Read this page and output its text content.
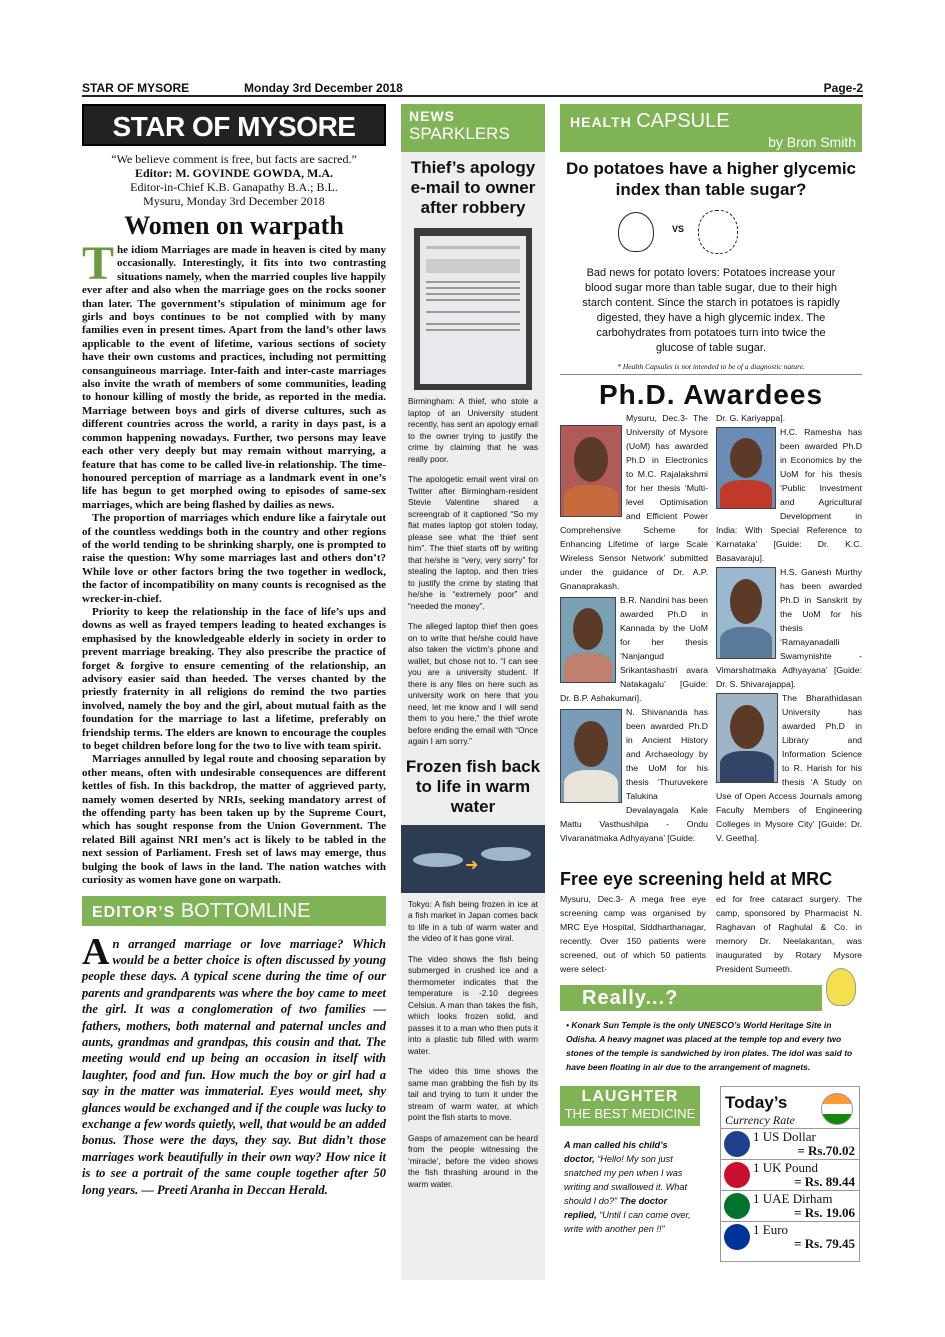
STAR OF MYSORE	Monday 3rd December 2018	Page-2
STAR OF MYSORE
“We believe comment is free, but facts are sacred.”
Editor: M. GOVINDE GOWDA, M.A.
Editor-in-Chief K.B. Ganapathy B.A.; B.L.
Mysuru, Monday 3rd December 2018
Women on warpath
T he idiom Marriages are made in heaven is cited by many occasionally. Interestingly, it fits into two contrasting situations namely, when the married couples live happily ever after and also when the marriage goes on the rocks sooner than later. The government’s stipulation of minimum age for girls and boys continues to be not complied with by many families even in present times. Apart from the land’s other laws applicable to the event of lifetime, various sections of society have their own customs and practices, including not permitting consanguineous marriage. Inter-faith and inter-caste marriages also invite the wrath of members of some communities, leading to honour killing of mostly the bride, as reported in the media. Marriage between boys and girls of diverse cultures, such as different countries across the world, a rarity in days past, is a common happening nowadays. Further, two persons may leave each other very deeply but may remain without marrying, a feature that has come to be called live-in relationship. The time-honoured perception of marriage as a landmark event in one’s life has begun to get morphed owing to episodes of same-sex marriages, which are being flashed by dailies as news.

The proportion of marriages which endure like a fairytale out of the countless weddings both in the country and other regions of the world tending to be shrinking sharply, one is prompted to raise the question: Why some marriages last and others don’t? While love or other factors bring the two together in wedlock, the factor of incompatibility on many counts is recognised as the wrecker-in-chief.

Priority to keep the relationship in the face of life’s ups and downs as well as frayed tempers leading to heated exchanges is emphasised by the knowledgeable elderly in society in order to prevent marriage breaking. They also prescribe the practice of forget & forgive to ensure cementing of the relationship, an advisory easier said than heeded. The verses chanted by the priestly fraternity in all religions do remind the two parties involved, namely the boy and the girl, about mutual faith as the foundation for the marriage to last a lifetime, preferably on friendship terms. The elders are known to encourage the couples to beget children before long for the two to live with team spirit.

Marriages annulled by legal route and choosing separation by other means, often with undesirable consequences are different kettles of fish. In this backdrop, the matter of aggrieved party, namely women deserted by NRIs, seeking mandatory arrest of the offending party has been taken up by the Supreme Court, which has sought response from the Union Government. The related Bill against NRI men’s act is likely to be tabled in the next session of Parliament. Fresh set of laws may emerge, thus bulging the book of laws in the land. The nation watches with curiosity as women have gone on warpath.

EDITOR’S BOTTOMLINE
A n arranged marriage or love marriage? Which would be a better choice is often discussed by young people these days. A typical scene during the time of our parents and grandparents was where the boy came to meet the girl. It was a conglomeration of two families — fathers, mothers, both maternal and paternal uncles and aunts, grandmas and grandpas, this cousin and that. The meeting would end up being an occasion in itself with laughter, food and fun. How much the boy or girl had a say in the matter was immaterial. Eyes would meet, shy glances would be exchanged and if the couple was lucky to exchange a few words quietly, well, that would be an added bonus. Those were the days, they say. But didn’t those marriages work beautifully in their own way? How nice it is to see a portrait of the same couple together after 50 long years. — Preeti Aranha in Deccan Herald.
NEWS
SPARKLERS
Thief’s apology e-mail to owner after robbery

Birmingham: A thief, who stole a laptop of an University student recently, has sent an apology email to the owner trying to justify the crime by claiming that he was really poor.

The apologetic email went viral on Twitter after Birmingham-resident Stevie Valentine shared a screengrab of it captioned “So my flat mates laptop got stolen today, please see what the thief sent him”. The thief starts off by writing that he/she is “very, very sorry” for stealing the laptop, and then tries to justify the crime by stating that he/she is “extremely poor” and “needed the money”.

The alleged laptop thief then goes on to write that he/she could have also taken the victim’s phone and wallet, but chose not to. “I can see you are a university student. If there is any files on here such as university work on here that you need, let me know and I will send them to you here,” the thief wrote before ending the email with “Once again I am sorry.”

Frozen fish back to life in warm water
➜

Tokyo: A fish being frozen in ice at a fish market in Japan comes back to life in a tub of warm water and the video of it has gone viral.

The video shows the fish being submerged in crushed ice and a thermometer indicates that the temperature is -2.10 degrees Celsius. A man than takes the fish, which looks frozen solid, and passes it to a man who then puts it into a plastic tub filled with warm water.

The video this time shows the same man grabbing the fish by its tail and trying to turn it under the stream of warm water, at which point the fish starts to move.

Gasps of amazement can be heard from the people witnessing the ‘miracle’, before the video shows the fish thrashing around in the warm water.

HEALTH CAPSULE
by Bron Smith
Do potatoes have a higher glycemic index than table sugar?
VS
Bad news for potato lovers: Potatoes increase your blood sugar more than table sugar, due to their high starch content. Since the starch in potatoes is rapidly digested, they have a high glycemic index. The carbohydrates from potatoes turn into twice the glucose of table sugar.
* Health Capsules is not intended to be of a diagnostic nature.
Ph.D. Awardees

Mysuru, Dec.3- The University of Mysore (UoM) has awarded Ph.D in Electronics to M.C. Rajalakshmi for her thesis ‘Multi-level Optimisation and Efficient Power Comprehensive Scheme for Enhancing Lifetime of large Scale Wireless Sensor Network’ submitted under the guidance of Dr. A.P. Gnanaprakash.

B.R. Nandini has been awarded Ph.D in Kannada by the UoM for her thesis ‘Nanjangud Srikantashastri avara Natakagalu’ [Guide: Dr. B.P. Ashakumari].

N. Shivananda has been awarded Ph.D in Ancient History and Archaeology by the UoM for his thesis ‘Thuruvekere Talukina Devalayagala Kale Mattu Vasthushilpa - Ondu Vivaranatmaka Adhyayana’ [Guide:

Dr. G. Kariyappa].

H.C. Ramesha has been awarded Ph.D in Economics by the UoM for his thesis ‘Public Investment and Agricultural Development in India: With Special Reference to Karnataka’ [Guide: Dr. K.C. Basavaraju].

H.S. Ganesh Murthy has been awarded Ph.D in Sanskrit by the UoM for his thesis ‘Ramayanadalli Swamynishte - Vimarshatmaka Adhyayana’ [Guide: Dr. S. Shivarajappa].

The Bharathidasan University has awarded Ph.D in Library and Information Science to R. Harish for his thesis ‘A Study on Use of Open Access Journals among Faculty Members of Engineering Colleges in Mysore City’ [Guide: Dr. V. Geetha].

Free eye screening held at MRC
Mysuru, Dec.3- A mega free eye screening camp was organised by MRC Eye Hospital, Siddharthanagar, recently. Over 150 patients were screened, out of which 50 patients were select-
ed for free cataract surgery. The camp, sponsored by Pharmacist N. Raghavan of Raghulal & Co. in memory Dr. Neelakantan, was inaugurated by Rotary Mysore President Sumeeth.
Really...?
• Konark Sun Temple is the only UNESCO’s World Heritage Site in Odisha. A heavy magnet was placed at the temple top and every two stones of the temple is sandwiched by iron plates. The idol was said to have been floating in air due to the arrangement of magnets.
LAUGHTER
THE BEST MEDICINE
A man called his child’s doctor, “Hello! My son just snatched my pen when I was writing and swallowed it. What should I do?” The doctor replied, “Until I can come over, write with another pen !!”
Today’s
Currency Rate
1 US Dollar
= Rs.70.02
1 UK Pound
= Rs. 89.44
1 UAE Dirham
= Rs. 19.06
1 Euro
= Rs. 79.45
